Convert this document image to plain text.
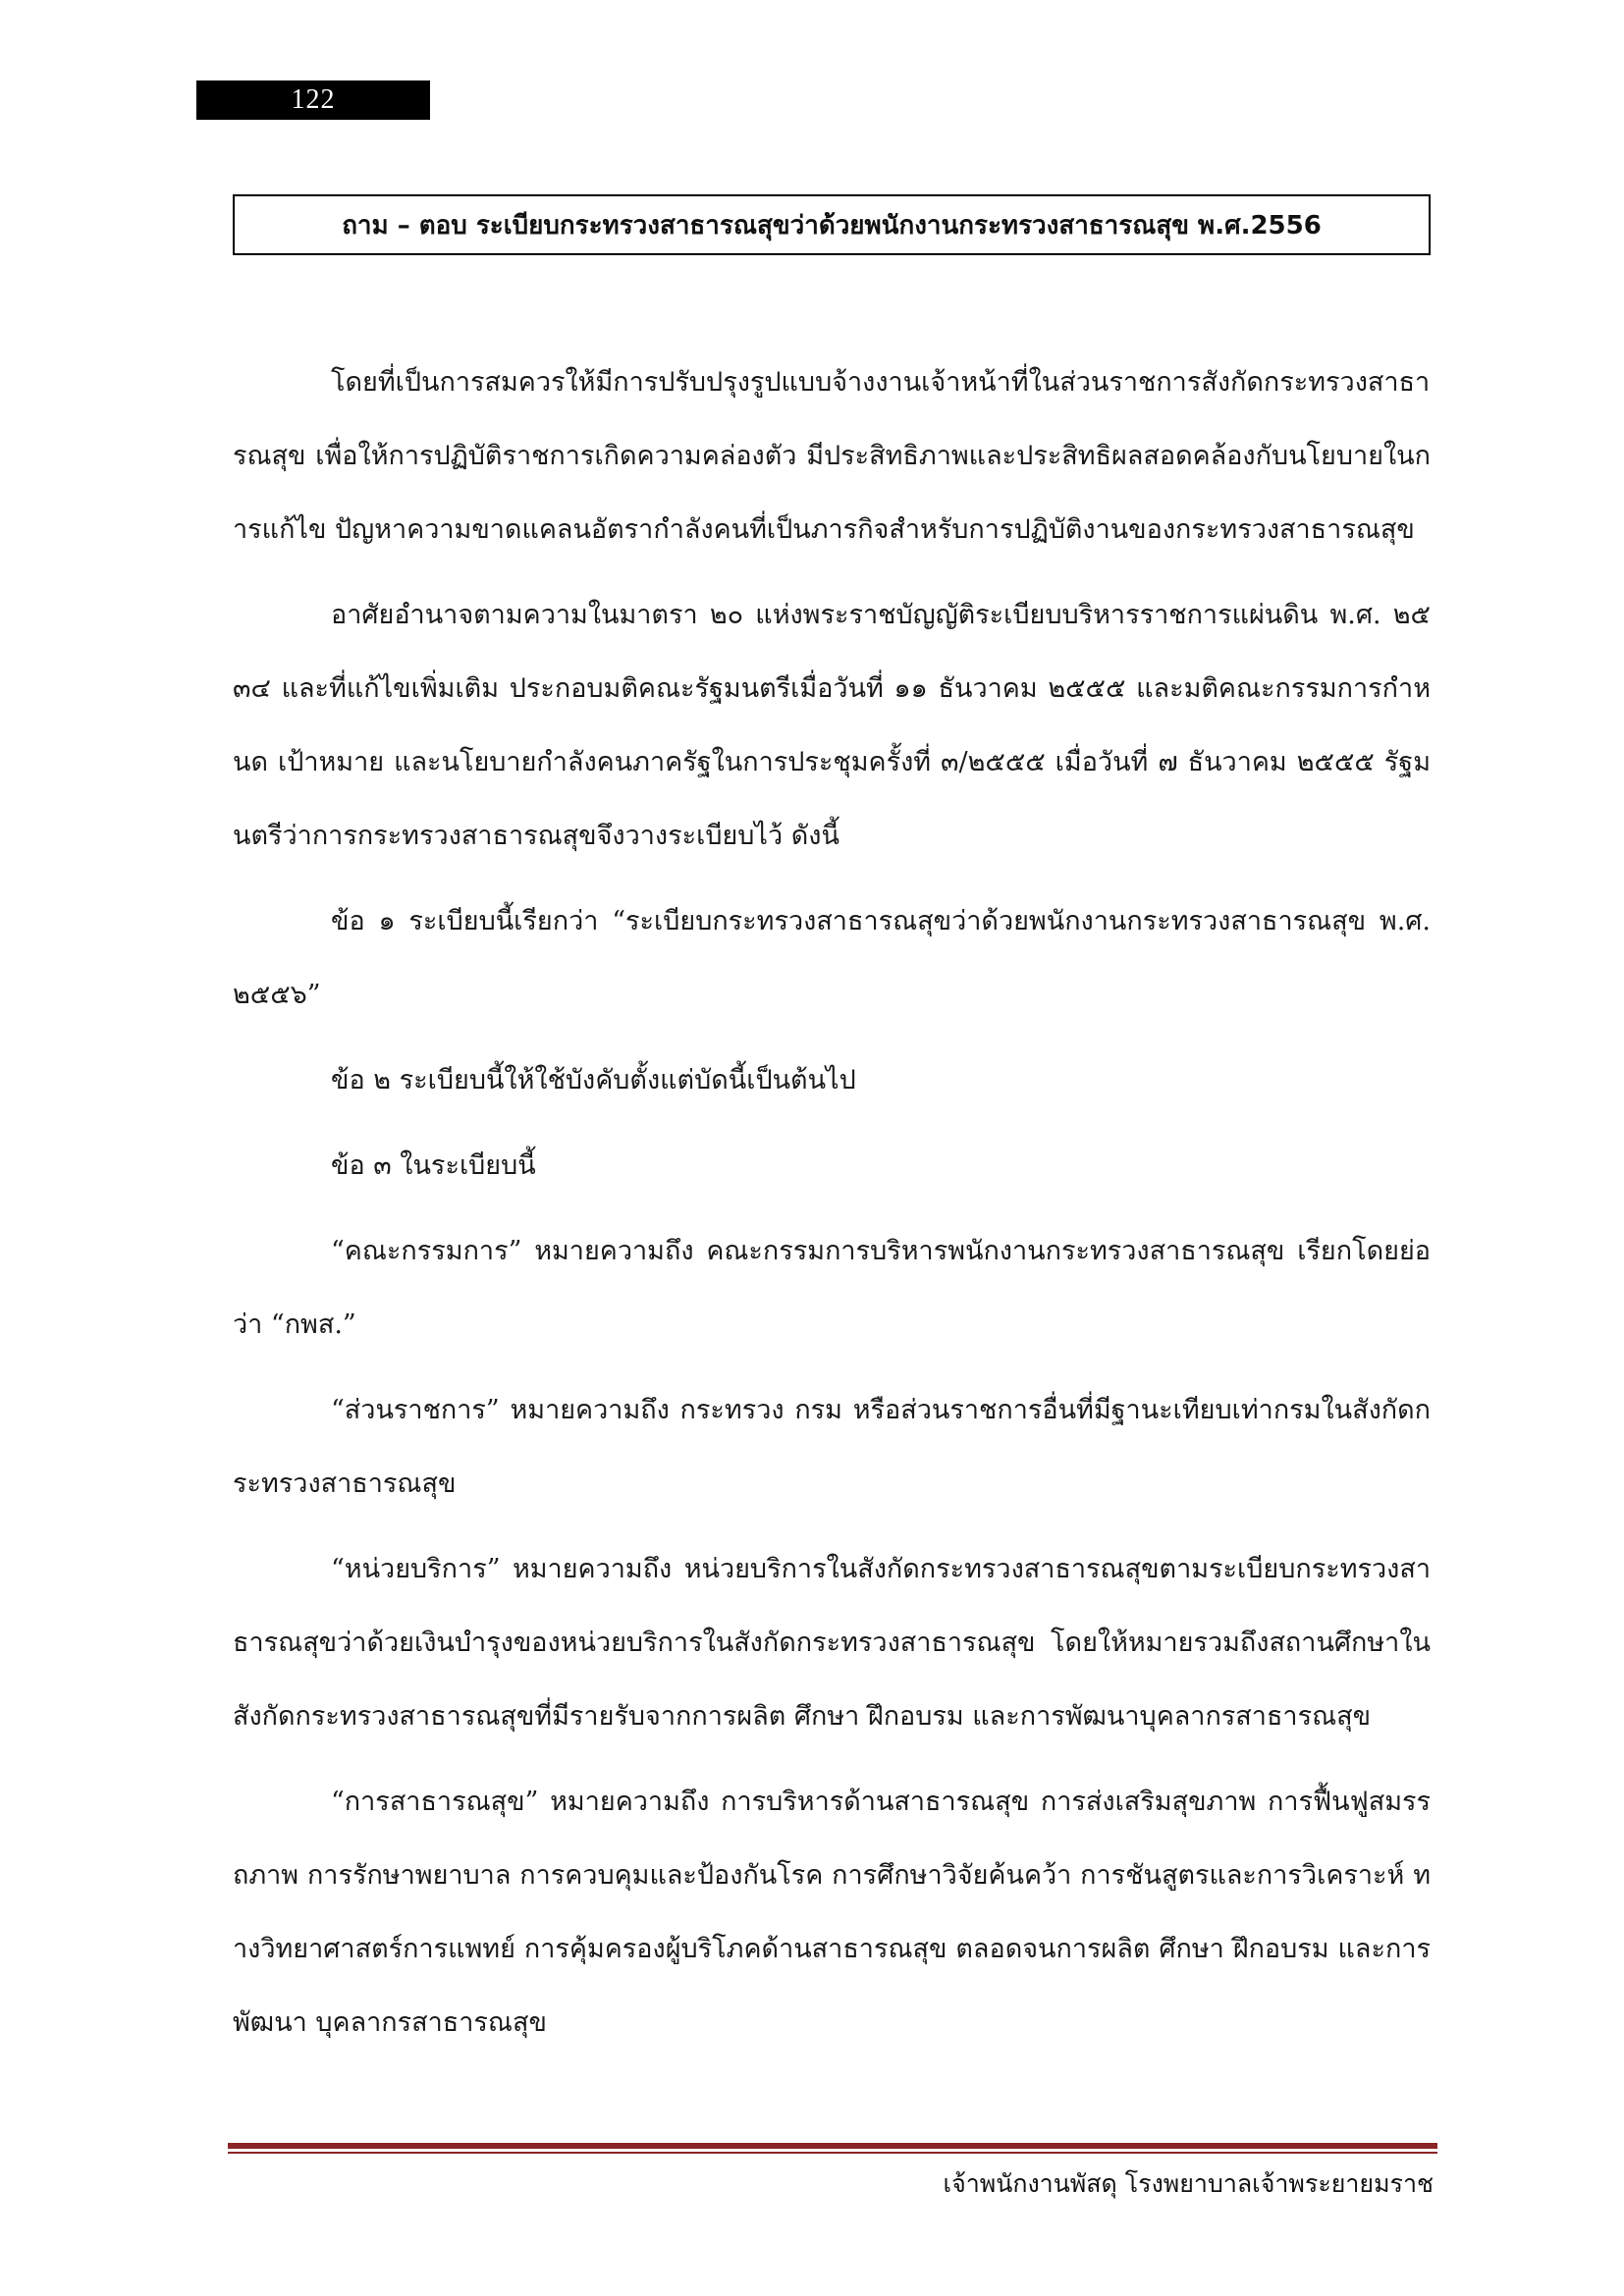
122
ถาม – ตอบ ระเบียบกระทรวงสาธารณสุขว่าด้วยพนักงานกระทรวงสาธารณสุข พ.ศ.2556

โดยที่เป็นการสมควรให้มีการปรับปรุงรูปแบบจ้างงานเจ้าหน้าที่ในส่วนราชการสังกัดกระทรวงสาธารณสุข เพื่อให้การปฏิบัติราชการเกิดความคล่องตัว มีประสิทธิภาพและประสิทธิผลสอดคล้องกับนโยบายในการแก้ไข ปัญหาความขาดแคลนอัตรากำลังคนที่เป็นภารกิจสำหรับการปฏิบัติงานของกระทรวงสาธารณสุข

อาศัยอำนาจตามความในมาตรา ๒๐ แห่งพระราชบัญญัติระเบียบบริหารราชการแผ่นดิน พ.ศ. ๒๕๓๔ และที่แก้ไขเพิ่มเติม ประกอบมติคณะรัฐมนตรีเมื่อวันที่ ๑๑ ธันวาคม ๒๕๕๕ และมติคณะกรรมการกำหนด เป้าหมาย และนโยบายกำลังคนภาครัฐในการประชุมครั้งที่ ๓/๒๕๕๕ เมื่อวันที่ ๗ ธันวาคม ๒๕๕๕ รัฐมนตรีว่าการกระทรวงสาธารณสุขจึงวางระเบียบไว้ ดังนี้

ข้อ ๑ ระเบียบนี้เรียกว่า “ระเบียบกระทรวงสาธารณสุขว่าด้วยพนักงานกระทรวงสาธารณสุข พ.ศ. ๒๕๕๖”

ข้อ ๒ ระเบียบนี้ให้ใช้บังคับตั้งแต่บัดนี้เป็นต้นไป

ข้อ ๓ ในระเบียบนี้

“คณะกรรมการ” หมายความถึง คณะกรรมการบริหารพนักงานกระทรวงสาธารณสุข เรียกโดยย่อว่า “กพส.”

“ส่วนราชการ” หมายความถึง กระทรวง กรม หรือส่วนราชการอื่นที่มีฐานะเทียบเท่ากรมในสังกัดกระทรวงสาธารณสุข

“หน่วยบริการ” หมายความถึง หน่วยบริการในสังกัดกระทรวงสาธารณสุขตามระเบียบกระทรวงสาธารณสุขว่าด้วยเงินบำรุงของหน่วยบริการในสังกัดกระทรวงสาธารณสุข โดยให้หมายรวมถึงสถานศึกษาใน สังกัดกระทรวงสาธารณสุขที่มีรายรับจากการผลิต ศึกษา ฝึกอบรม และการพัฒนาบุคลากรสาธารณสุข

“การสาธารณสุข” หมายความถึง การบริหารด้านสาธารณสุข การส่งเสริมสุขภาพ การฟื้นฟูสมรรถภาพ การรักษาพยาบาล การควบคุมและป้องกันโรค การศึกษาวิจัยค้นคว้า การชันสูตรและการวิเคราะห์ ทางวิทยาศาสตร์การแพทย์ การคุ้มครองผู้บริโภคด้านสาธารณสุข ตลอดจนการผลิต ศึกษา ฝึกอบรม และการพัฒนา บุคลากรสาธารณสุข

เจ้าพนักงานพัสดุ โรงพยาบาลเจ้าพระยายมราช
